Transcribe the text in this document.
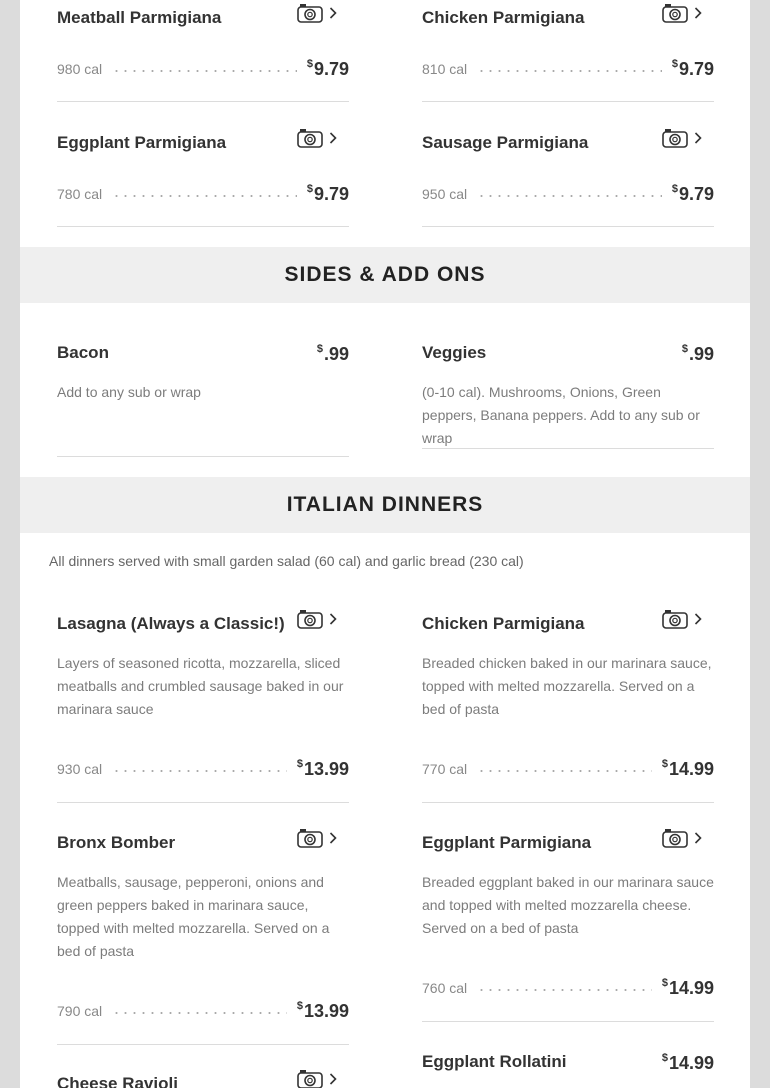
Meatball Parmigiana
980 cal	$9.79
Chicken Parmigiana
810 cal	$9.79
Eggplant Parmigiana
780 cal	$9.79
Sausage Parmigiana
950 cal	$9.79
SIDES & ADD ONS
Bacon	$.99
Add to any sub or wrap
Veggies	$.99
(0-10 cal). Mushrooms, Onions, Green peppers, Banana peppers. Add to any sub or wrap
ITALIAN DINNERS
All dinners served with small garden salad (60 cal) and garlic bread (230 cal)
Lasagna (Always a Classic!)
Layers of seasoned ricotta, mozzarella, sliced meatballs and crumbled sausage baked in our marinara sauce
930 cal	$13.99
Chicken Parmigiana
Breaded chicken baked in our marinara sauce, topped with melted mozzarella. Served on a bed of pasta
770 cal	$14.99
Bronx Bomber
Meatballs, sausage, pepperoni, onions and green peppers baked in marinara sauce, topped with melted mozzarella. Served on a bed of pasta
790 cal	$13.99
Eggplant Parmigiana
Breaded eggplant baked in our marinara sauce and topped with melted mozzarella cheese. Served on a bed of pasta
760 cal	$14.99
Cheese Ravioli
Eggplant Rollatini	$14.99
